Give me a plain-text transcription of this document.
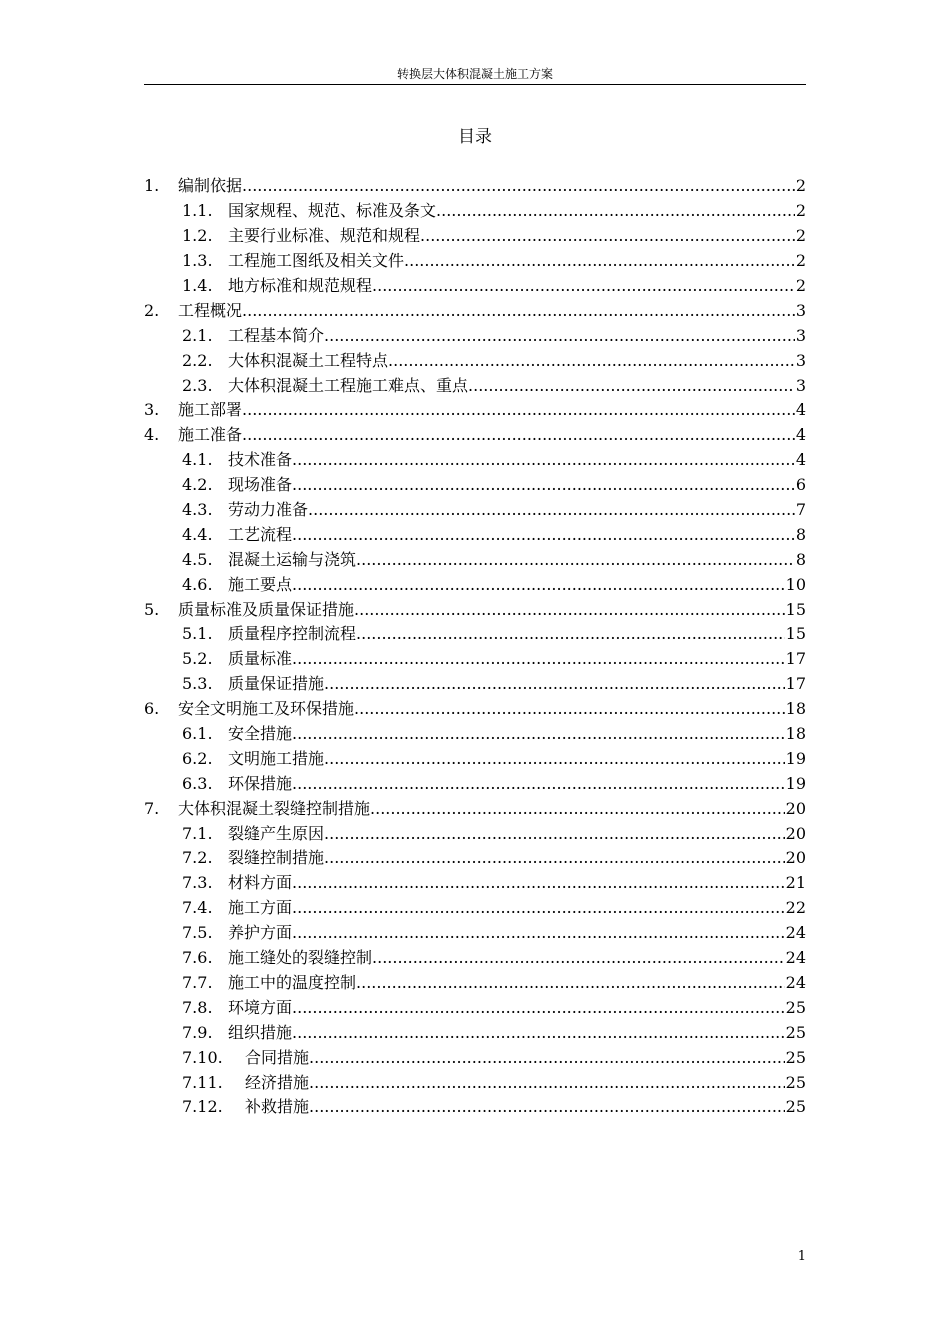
转换层大体积混凝土施工方案
目录
1.	编制依据 .....	2
1.1. 国家规程、规范、标准及条文 .....	2
1.2. 主要行业标准、规范和规程 .....	2
1.3. 工程施工图纸及相关文件 .....	2
1.4. 地方标准和规范规程 .....	2
2.	工程概况 .....	3
2.1. 工程基本简介 .....	3
2.2. 大体积混凝土工程特点 .....	3
2.3. 大体积混凝土工程施工难点、重点 .....	3
3.	施工部署 .....	4
4.	施工准备 .....	4
4.1. 技术准备 .....	4
4.2. 现场准备 .....	6
4.3. 劳动力准备 .....	7
4.4. 工艺流程 .....	8
4.5. 混凝土运输与浇筑 .....	8
4.6. 施工要点 .....	10
5.	质量标准及质量保证措施 .....	15
5.1. 质量程序控制流程 .....	15
5.2. 质量标准 .....	17
5.3. 质量保证措施 .....	17
6.	安全文明施工及环保措施 .....	18
6.1. 安全措施 .....	18
6.2. 文明施工措施 .....	19
6.3. 环保措施 .....	19
7.	大体积混凝土裂缝控制措施 .....	20
7.1. 裂缝产生原因 .....	20
7.2. 裂缝控制措施 .....	20
7.3. 材料方面 .....	21
7.4. 施工方面 .....	22
7.5. 养护方面 .....	24
7.6. 施工缝处的裂缝控制 .....	24
7.7. 施工中的温度控制 .....	24
7.8. 环境方面 .....	25
7.9. 组织措施 .....	25
7.10.	合同措施 .....	25
7.11.	经济措施 .....	25
7.12.	补救措施 .....	25
1
